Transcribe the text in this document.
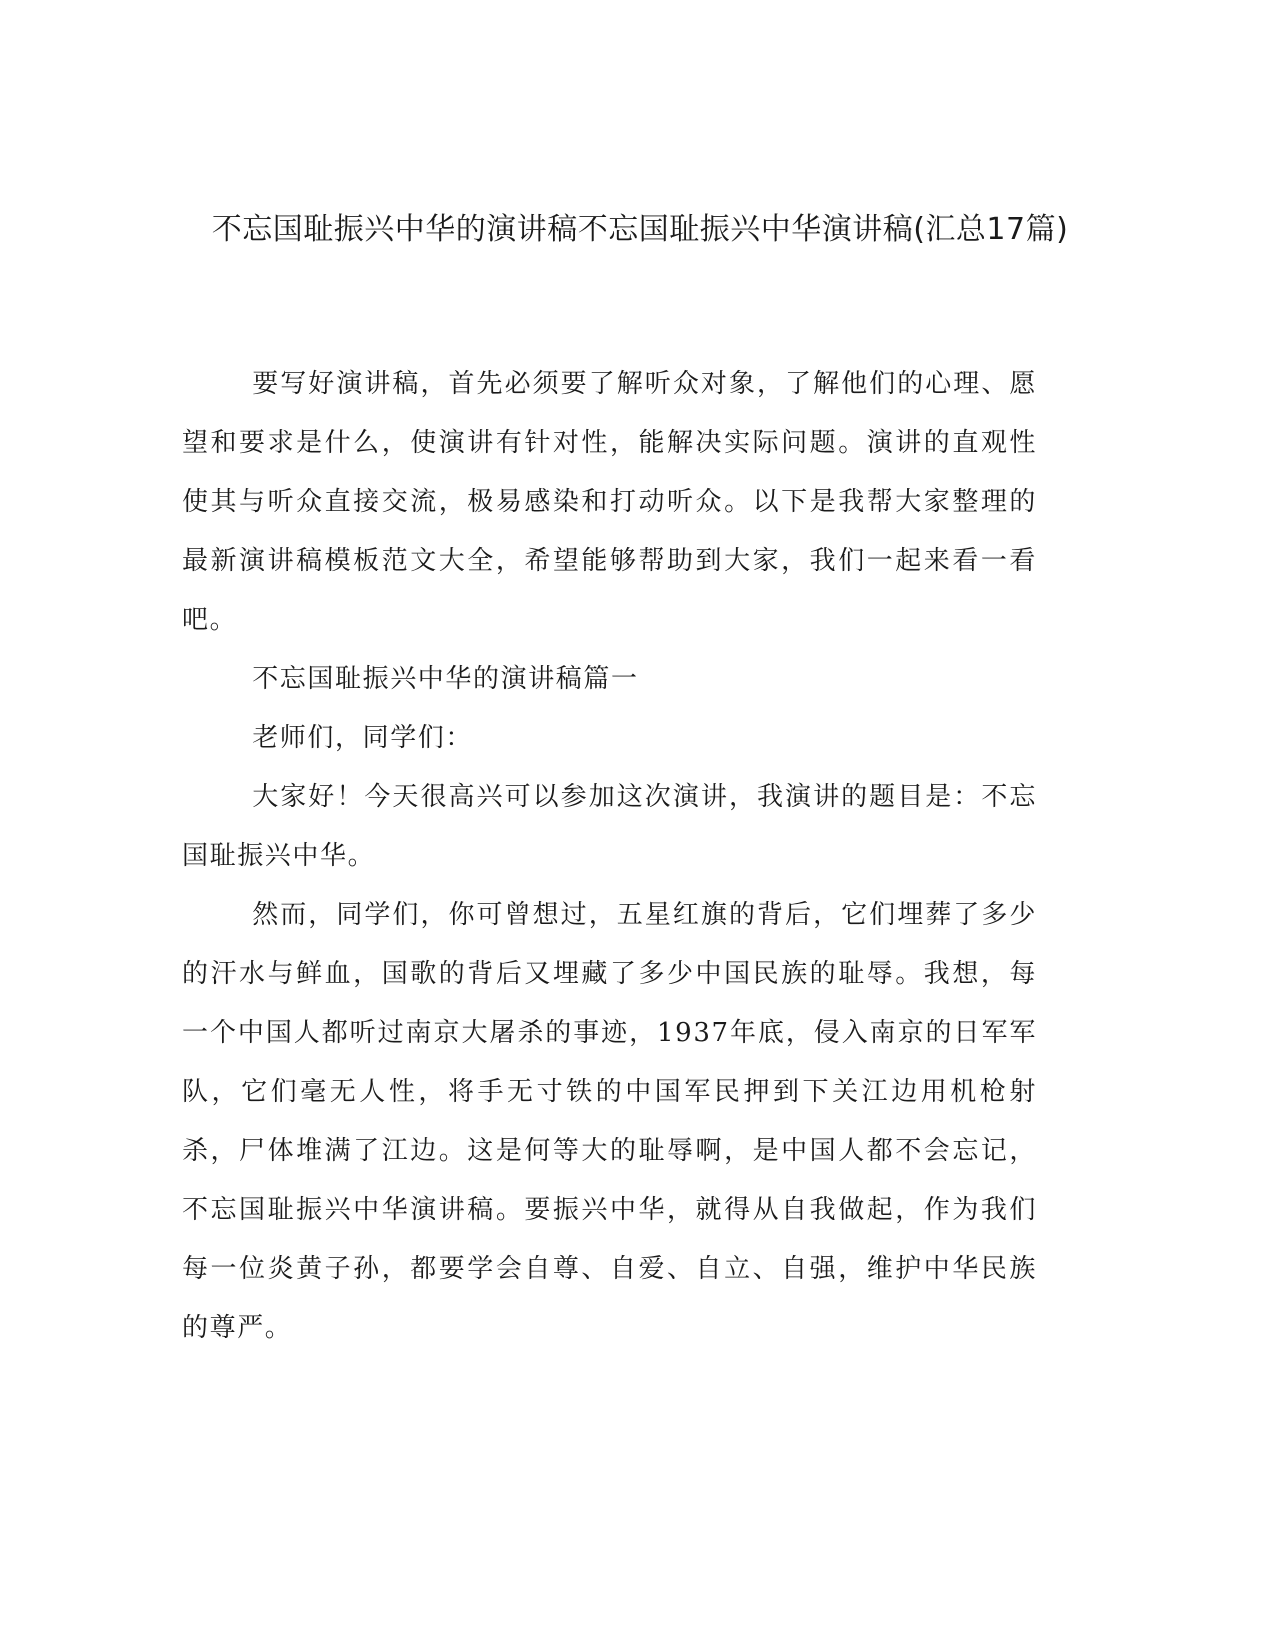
不忘国耻振兴中华的演讲稿不忘国耻振兴中华演讲稿(汇总17篇)

要写好演讲稿，首先必须要了解听众对象，了解他们的心理、愿望和要求是什么，使演讲有针对性，能解决实际问题。演讲的直观性使其与听众直接交流，极易感染和打动听众。以下是我帮大家整理的最新演讲稿模板范文大全，希望能够帮助到大家，我们一起来看一看吧。

不忘国耻振兴中华的演讲稿篇一

老师们，同学们：

大家好！今天很高兴可以参加这次演讲，我演讲的题目是：不忘国耻振兴中华。

然而，同学们，你可曾想过，五星红旗的背后，它们埋葬了多少的汗水与鲜血，国歌的背后又埋藏了多少中国民族的耻辱。我想，每一个中国人都听过南京大屠杀的事迹，1937年底，侵入南京的日军军队，它们毫无人性，将手无寸铁的中国军民押到下关江边用机枪射杀，尸体堆满了江边。这是何等大的耻辱啊，是中国人都不会忘记，不忘国耻振兴中华演讲稿。要振兴中华，就得从自我做起，作为我们每一位炎黄子孙，都要学会自尊、自爱、自立、自强，维护中华民族的尊严。
